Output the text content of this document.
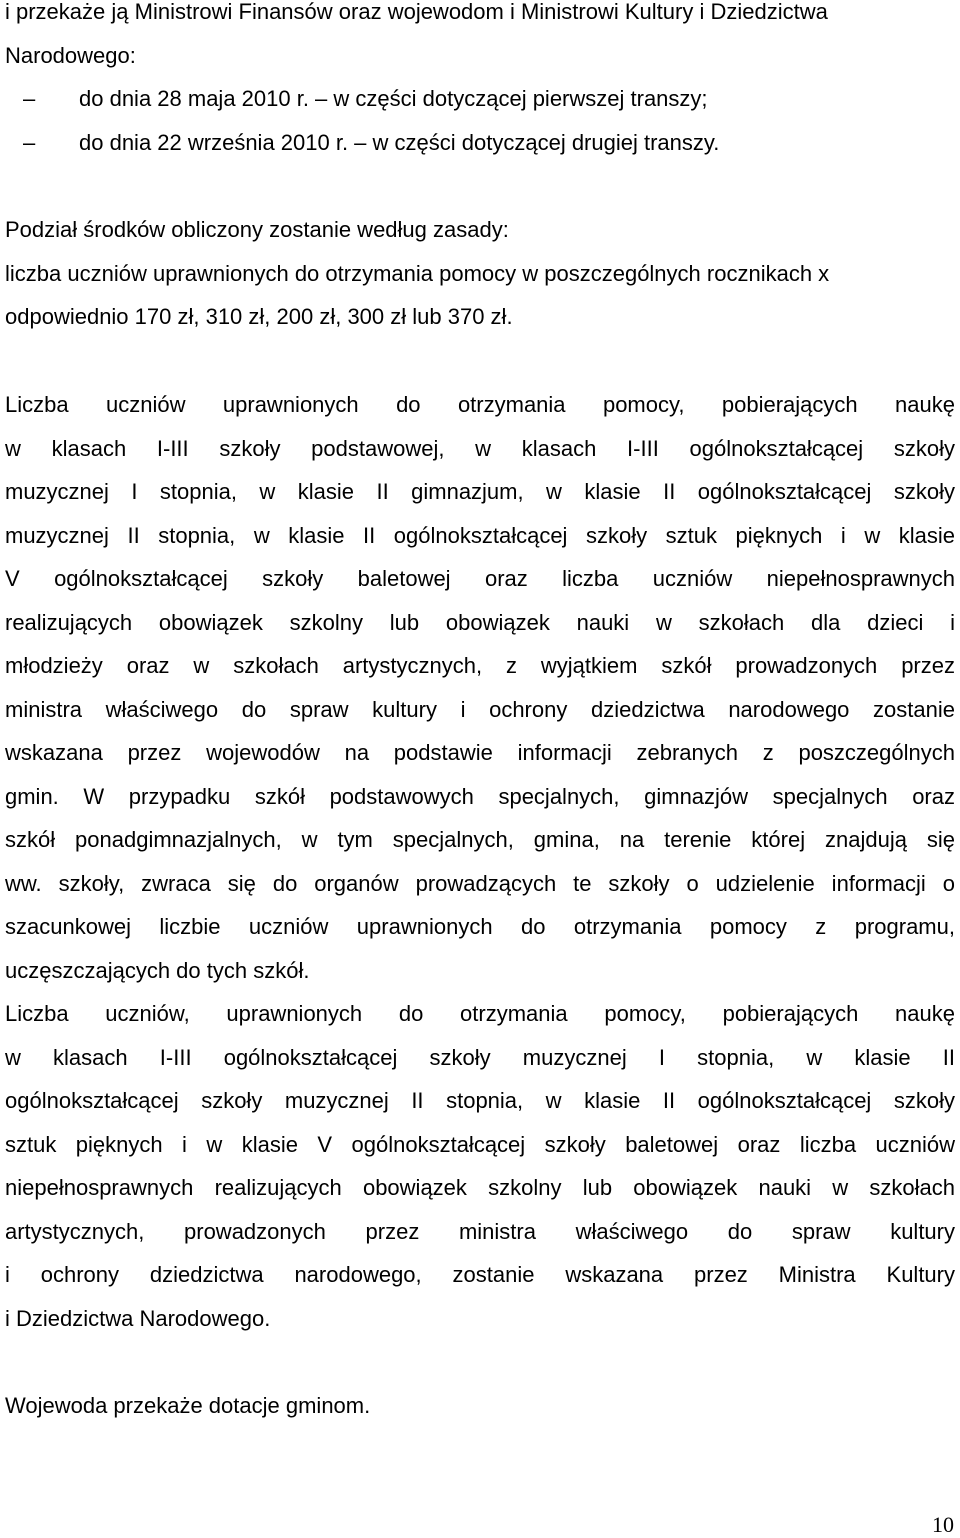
i przekaże ją Ministrowi Finansów oraz wojewodom i Ministrowi Kultury i Dziedzictwa
Narodowego:
– do dnia 28 maja 2010 r. – w części dotyczącej pierwszej transzy;
– do dnia 22 września 2010 r. – w części dotyczącej drugiej transzy.
Podział środków obliczony zostanie według zasady:
liczba uczniów uprawnionych do otrzymania pomocy w poszczególnych rocznikach x
odpowiednio 170 zł, 310 zł, 200 zł, 300 zł lub 370 zł.
Liczba uczniów uprawnionych do otrzymania pomocy, pobierających naukę
w klasach I-III szkoły podstawowej, w klasach I-III ogólnokształcącej szkoły
muzycznej I stopnia, w klasie II gimnazjum, w klasie II ogólnokształcącej szkoły
muzycznej II stopnia, w klasie II ogólnokształcącej szkoły sztuk pięknych i w klasie
V ogólnokształcącej szkoły baletowej oraz liczba uczniów niepełnosprawnych
realizujących obowiązek szkolny lub obowiązek nauki w szkołach dla dzieci i
młodzieży oraz w szkołach artystycznych, z wyjątkiem szkół prowadzonych przez
ministra właściwego do spraw kultury i ochrony dziedzictwa narodowego zostanie
wskazana przez wojewodów na podstawie informacji zebranych z poszczególnych
gmin. W przypadku szkół podstawowych specjalnych, gimnazjów specjalnych oraz
szkół ponadgimnazjalnych, w tym specjalnych, gmina, na terenie której znajdują się
ww. szkoły, zwraca się do organów prowadzących te szkoły o udzielenie informacji o
szacunkowej liczbie uczniów uprawnionych do otrzymania pomocy z programu,
uczęszczających do tych szkół.
Liczba uczniów, uprawnionych do otrzymania pomocy, pobierających naukę
w klasach I-III ogólnokształcącej szkoły muzycznej I stopnia, w klasie II
ogólnokształcącej szkoły muzycznej II stopnia, w klasie II ogólnokształcącej szkoły
sztuk pięknych i w klasie V ogólnokształcącej szkoły baletowej oraz liczba uczniów
niepełnosprawnych realizujących obowiązek szkolny lub obowiązek nauki w szkołach
artystycznych, prowadzonych przez ministra właściwego do spraw kultury
i ochrony dziedzictwa narodowego, zostanie wskazana przez Ministra Kultury
i Dziedzictwa Narodowego.
Wojewoda przekaże dotacje gminom.
10
